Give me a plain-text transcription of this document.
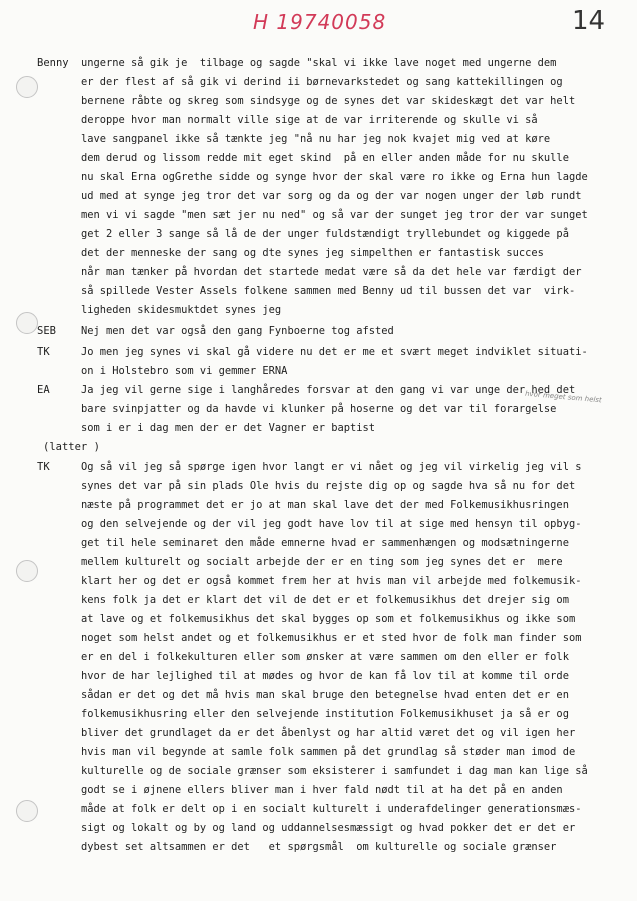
H 19740058	14
hvor meget som helst
Benny ungerne så gik je  tilbage og sagde "skal vi ikke lave noget med ungerne dem
er der flest af så gik vi derind ii børnevarkstedet og sang kattekillingen og
bernene råbte og skreg som sindsyge og de synes det var skideskægt det var helt
deroppe hvor man normalt ville sige at de var irriterende og skulle vi så
lave sangpanel ikke så tænkte jeg "nå nu har jeg nok kvajet mig ved at køre
dem derud og lissom redde mit eget skind  på en eller anden måde for nu skulle
nu skal Erna ogGrethe sidde og synge hvor der skal være ro ikke og Erna hun lagde
ud med at synge jeg tror det var sorg og da og der var nogen unger der løb rundt
men vi vi sagde "men sæt jer nu ned" og så var der sunget jeg tror der var sunget
get 2 eller 3 sange så lå de der unger fuldstændigt tryllebundet og kiggede på
det der menneske der sang og dte synes jeg simpelthen er fantastisk succes
når man tænker på hvordan det startede medat være så da det hele var færdigt der
så spillede Vester Assels folkene sammen med Benny ud til bussen det var  virk-
ligheden skidesmuktdet synes jeg
SEB Nej men det var også den gang Fynboerne tog afsted
TK	Jo men jeg synes vi skal gå videre nu det er me et svært meget indviklet situati-
on i Holstebro som vi gemmer ERNA
EA	Ja jeg vil gerne sige i langhåredes forsvar at den gang vi var unge der hed det
bare svinpjatter og da havde vi klunker på hoserne og det var til forargelse
som i er i dag men der er det Vagner er baptist
(latter )
TK	Og så vil jeg så spørge igen hvor langt er vi nået og jeg vil virkelig jeg vil s
synes det var på sin plads Ole hvis du rejste dig op og sagde hva så nu for det
næste på programmet det er jo at man skal lave det der med Folkemusikhusringen
og den selvejende og der vil jeg godt have lov til at sige med hensyn til opbyg-
get til hele seminaret den måde emnerne hvad er sammenhængen og modsætningerne
mellem kulturelt og socialt arbejde der er en ting som jeg synes det er  mere
klart her og det er også kommet frem her at hvis man vil arbejde med folkemusik-
kens folk ja det er klart det vil de det er et folkemusikhus det drejer sig om
at lave og et folkemusikhus det skal bygges op som et folkemusikhus og ikke som
noget som helst andet og et folkemusikhus er et sted hvor de folk man finder som
er en del i folkekulturen eller som ønsker at være sammen om den eller er folk
hvor de har lejlighed til at mødes og hvor de kan få lov til at komme til orde
sådan er det og det må hvis man skal bruge den betegnelse hvad enten det er en
folkemusikhusring eller den selvejende institution Folkemusikhuset ja så er og
bliver det grundlaget da er det åbenlyst og har altid været det og vil igen her
hvis man vil begynde at samle folk sammen på det grundlag så støder man imod de
kulturelle og de sociale grænser som eksisterer i samfundet i dag man kan lige så
godt se i øjnene ellers bliver man i hver fald nødt til at ha det på en anden
måde at folk er delt op i en socialt kulturelt i underafdelinger generationsmæs-
sigt og lokalt og by og land og uddannelsesmæssigt og hvad pokker det er det er
dybest set altsammen er det   et spørgsmål  om kulturelle og sociale grænser
